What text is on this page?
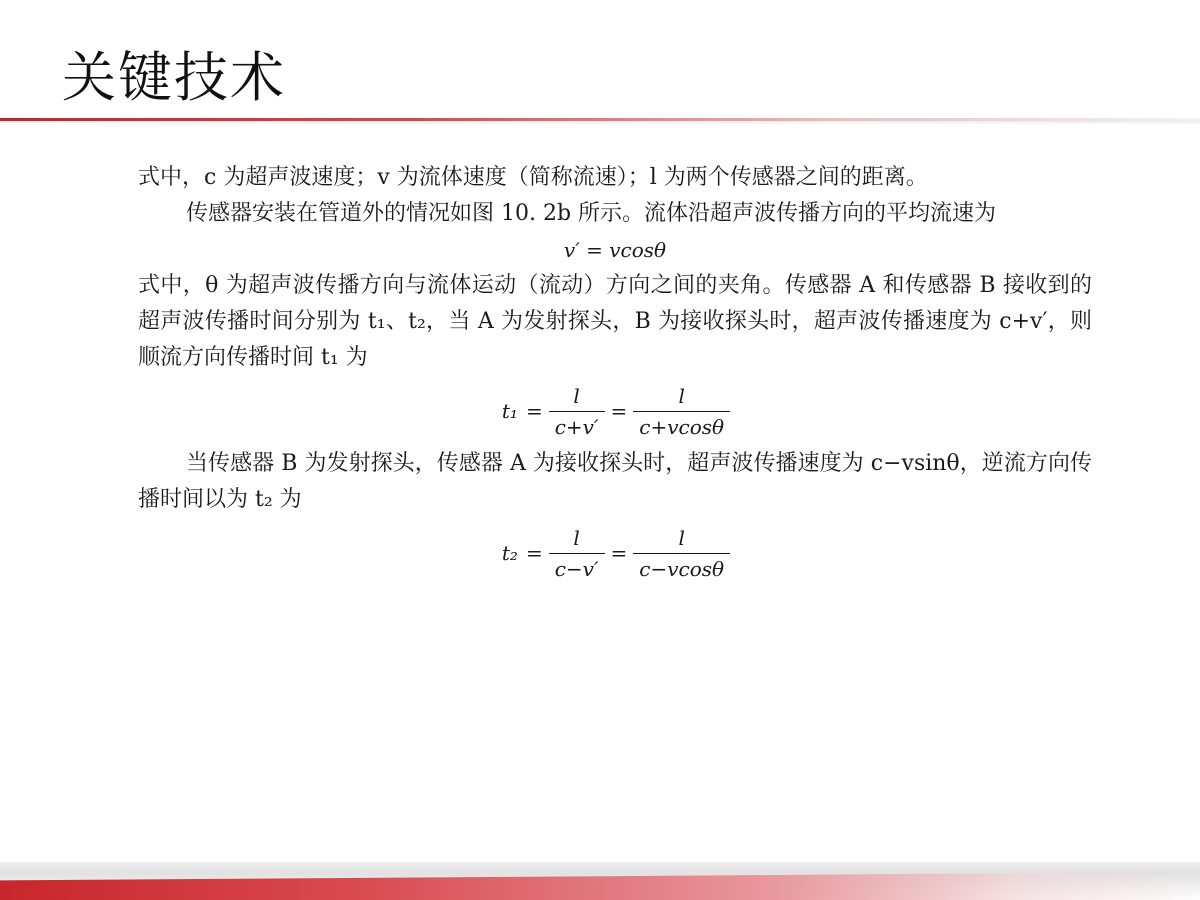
关键技术

式中，c 为超声波速度；v 为流体速度（简称流速）；l 为两个传感器之间的距离。

传感器安装在管道外的情况如图 10. 2b 所示。流体沿超声波传播方向的平均流速为

v′ = vcosθ

式中，θ 为超声波传播方向与流体运动（流动）方向之间的夹角。传感器 A 和传感器 B 接收到的超声波传播时间分别为 t₁、t₂，当 A 为发射探头，B 为接收探头时，超声波传播速度为 c+v′，则顺流方向传播时间 t₁ 为

$t_1 = \frac{l}{c+v'} = \frac{l}{c+vcos\theta}$

当传感器 B 为发射探头，传感器 A 为接收探头时，超声波传播速度为 c−vsinθ，逆流方向传播时间以为 t₂ 为

$t_2 = \frac{l}{c-v'} = \frac{l}{c-vcos\theta}$
